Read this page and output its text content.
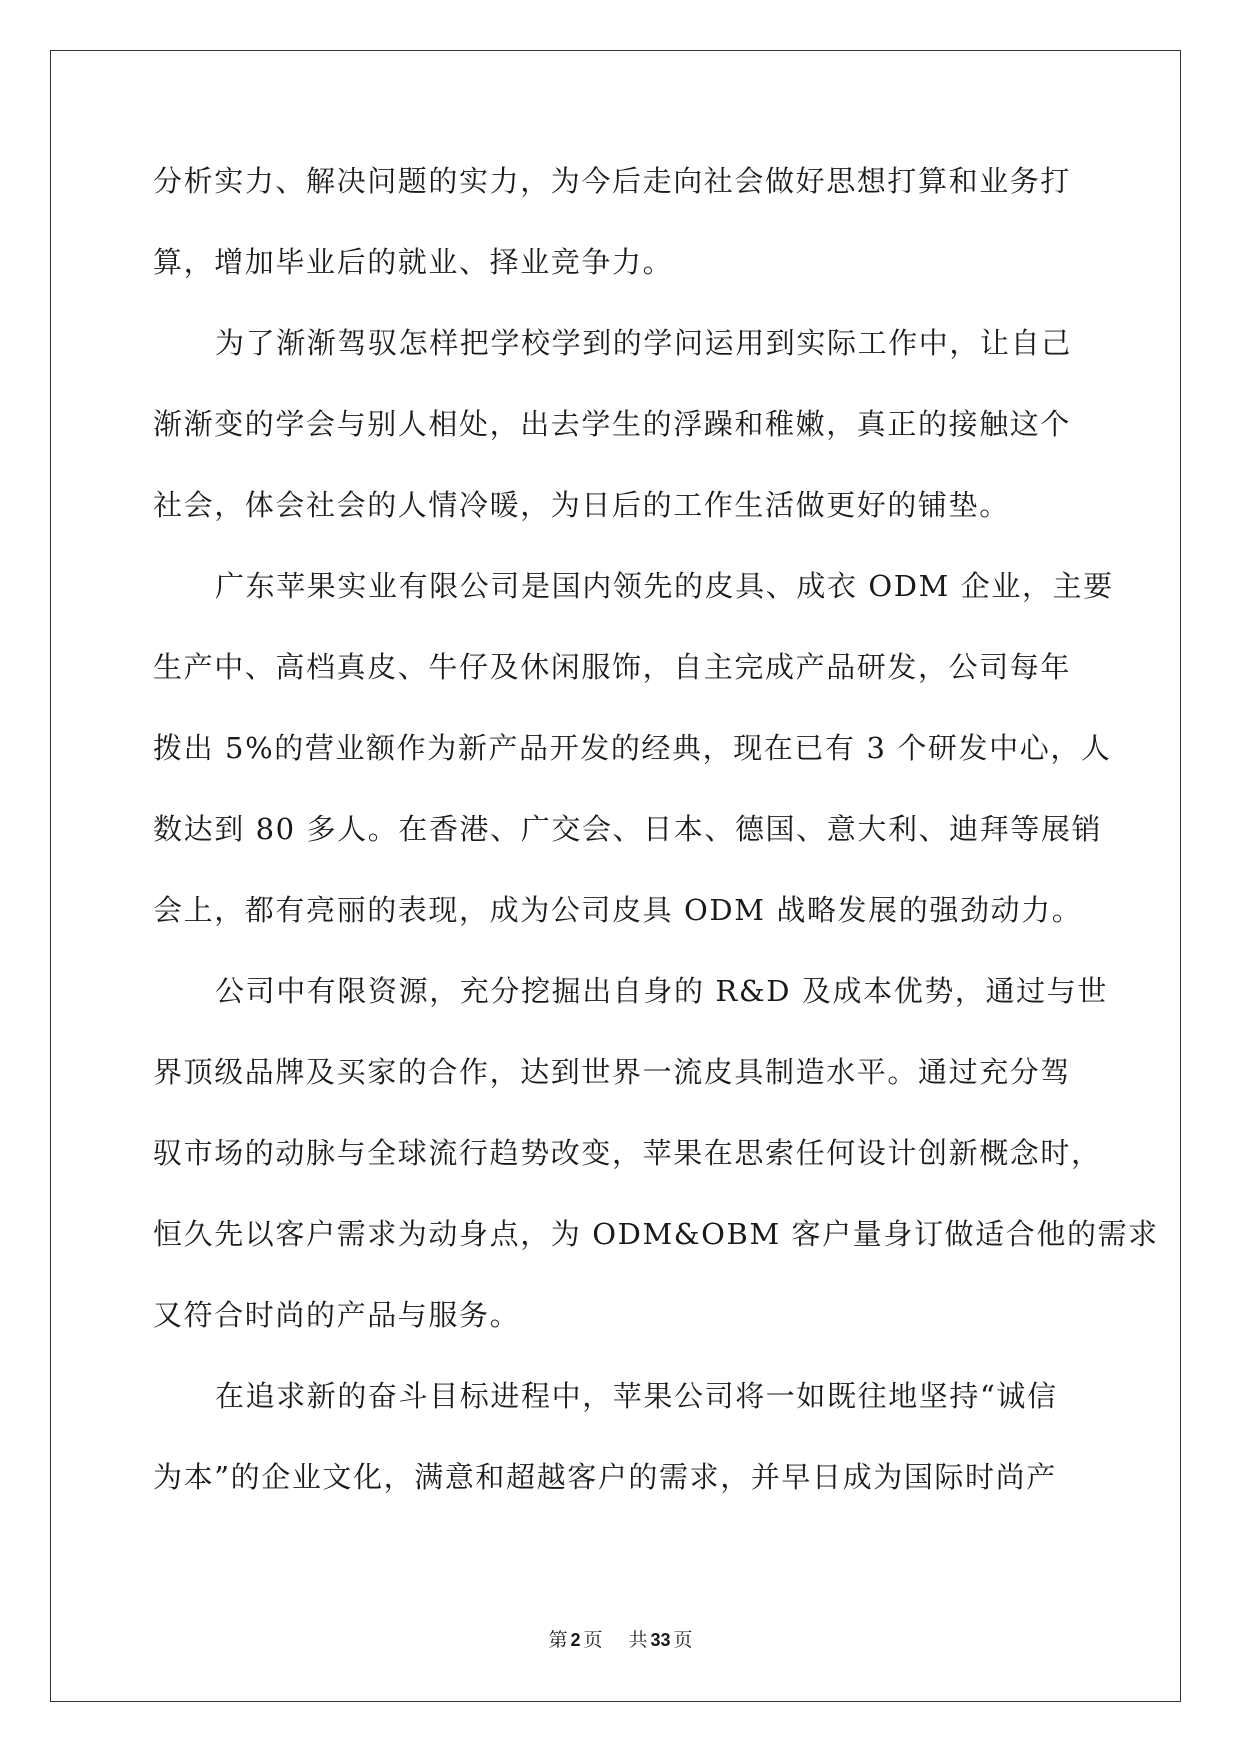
分析实力、解决问题的实力，为今后走向社会做好思想打算和业务打
算，增加毕业后的就业、择业竞争力。
为了渐渐驾驭怎样把学校学到的学问运用到实际工作中，让自己
渐渐变的学会与别人相处，出去学生的浮躁和稚嫩，真正的接触这个
社会，体会社会的人情冷暖，为日后的工作生活做更好的铺垫。
广东苹果实业有限公司是国内领先的皮具、成衣 ODM 企业，主要
生产中、高档真皮、牛仔及休闲服饰，自主完成产品研发，公司每年
拨出 5%的营业额作为新产品开发的经典，现在已有 3 个研发中心，人
数达到 80 多人。在香港、广交会、日本、德国、意大利、迪拜等展销
会上，都有亮丽的表现，成为公司皮具 ODM 战略发展的强劲动力。
公司中有限资源，充分挖掘出自身的 R&D 及成本优势，通过与世
界顶级品牌及买家的合作，达到世界一流皮具制造水平。通过充分驾
驭市场的动脉与全球流行趋势改变，苹果在思索任何设计创新概念时，
恒久先以客户需求为动身点，为 ODM&OBM 客户量身订做适合他的需求
又符合时尚的产品与服务。
在追求新的奋斗目标进程中，苹果公司将一如既往地坚持“诚信
为本”的企业文化，满意和超越客户的需求，并早日成为国际时尚产
第 2 页 共 33 页
